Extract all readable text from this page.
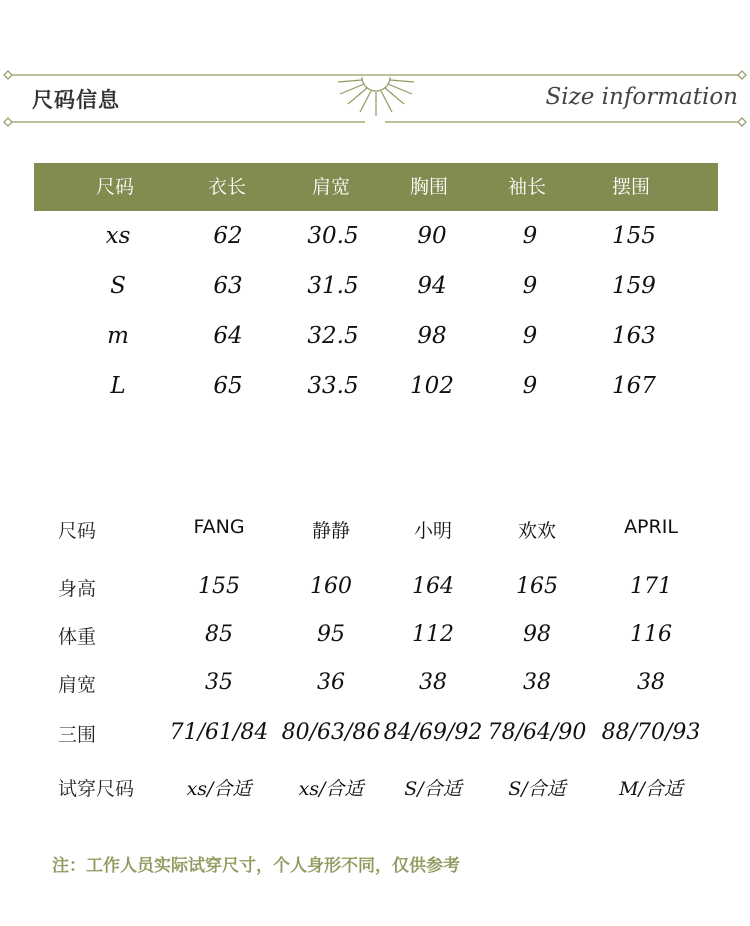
尺码信息	Size information
尺码	衣长	肩宽	胸围	袖长	摆围
xs	62	30.5	90	9	155
S	63	31.5	94	9	159
m	64	32.5	98	9	163
L	65	33.5	102	9	167
尺码	FANG	静静	小明	欢欢	APRIL
身高	155	160	164	165	171
体重	85	95	112	98	116
肩宽	35	36	38	38	38
三围	71/61/84 80/63/86 84/69/92 78/64/90 88/70/93
试穿尺码	xs/合适	xs/合适	S/合适	S/合适	M/合适
注：工作人员实际试穿尺寸，个人身形不同，仅供参考
